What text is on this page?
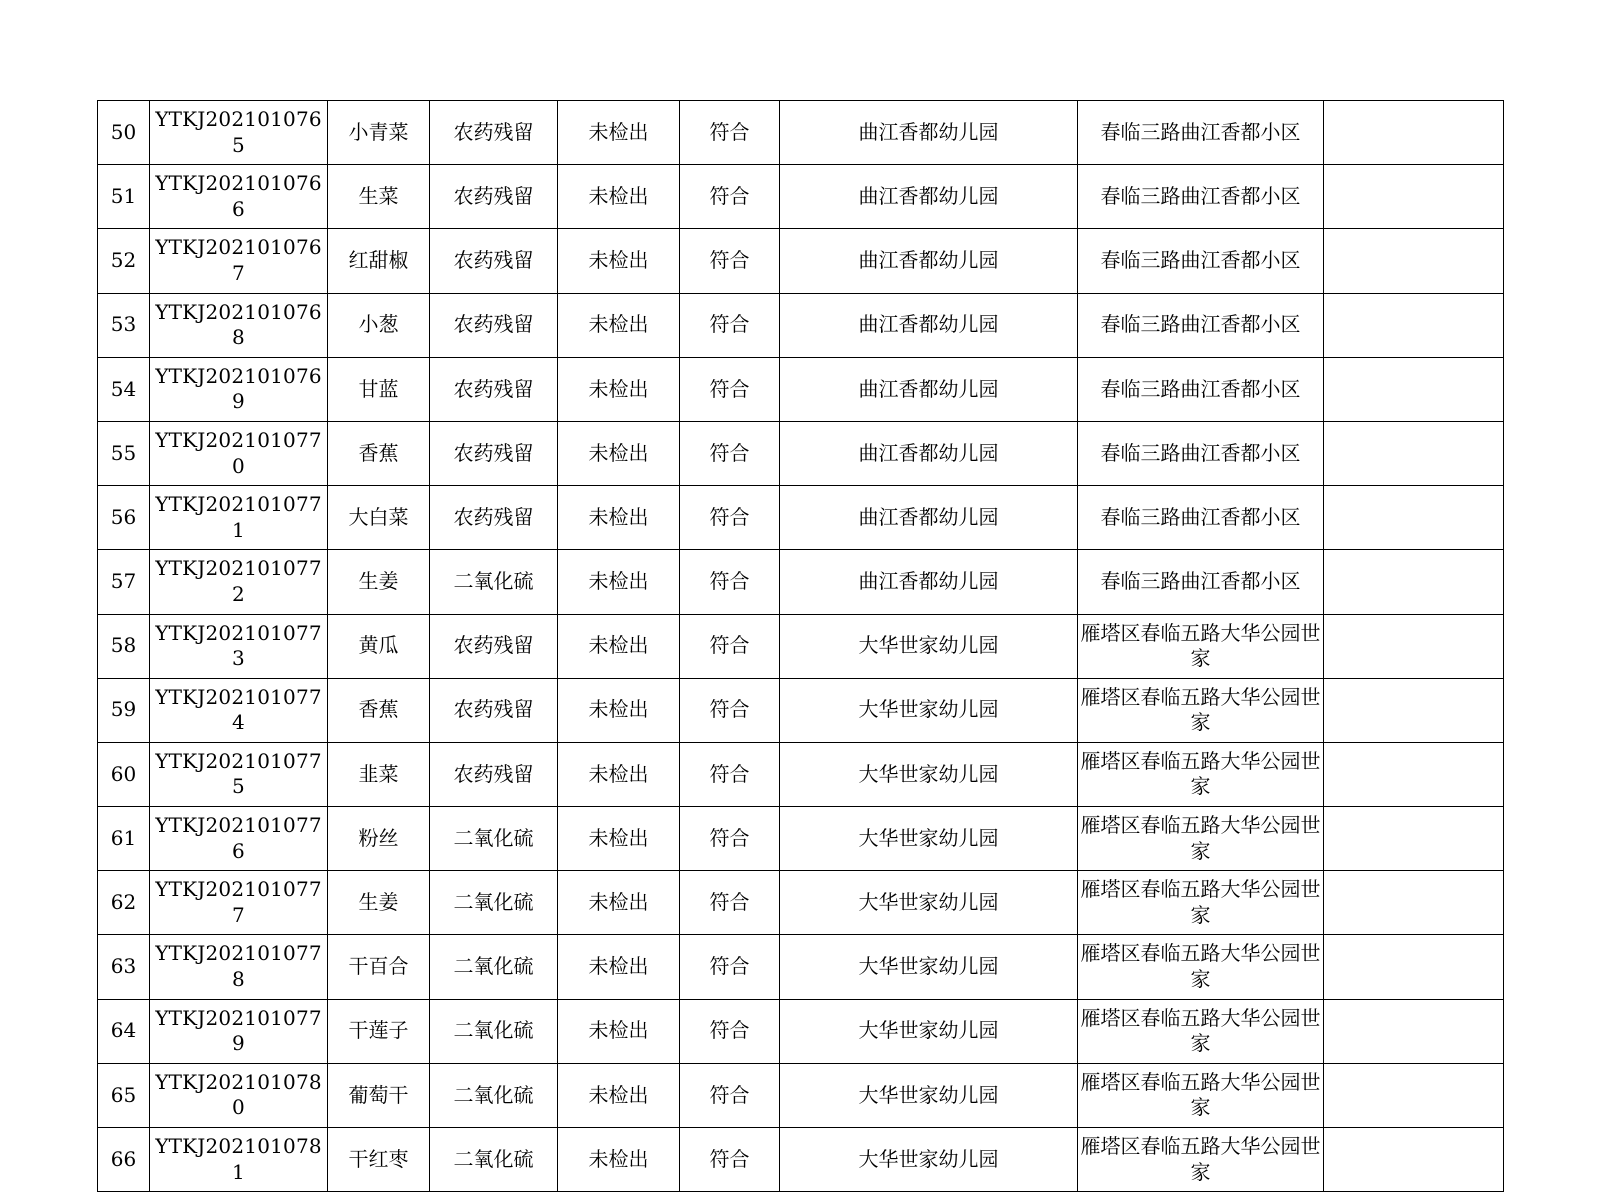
50	YTKJ2021010765	小青菜	农药残留	未检出	符合	曲江香都幼儿园	春临三路曲江香都小区	
51	YTKJ2021010766	生菜	农药残留	未检出	符合	曲江香都幼儿园	春临三路曲江香都小区	
52	YTKJ2021010767	红甜椒	农药残留	未检出	符合	曲江香都幼儿园	春临三路曲江香都小区	
53	YTKJ2021010768	小葱	农药残留	未检出	符合	曲江香都幼儿园	春临三路曲江香都小区	
54	YTKJ2021010769	甘蓝	农药残留	未检出	符合	曲江香都幼儿园	春临三路曲江香都小区	
55	YTKJ2021010770	香蕉	农药残留	未检出	符合	曲江香都幼儿园	春临三路曲江香都小区	
56	YTKJ2021010771	大白菜	农药残留	未检出	符合	曲江香都幼儿园	春临三路曲江香都小区	
57	YTKJ2021010772	生姜	二氧化硫	未检出	符合	曲江香都幼儿园	春临三路曲江香都小区	
58	YTKJ2021010773	黄瓜	农药残留	未检出	符合	大华世家幼儿园	雁塔区春临五路大华公园世家	
59	YTKJ2021010774	香蕉	农药残留	未检出	符合	大华世家幼儿园	雁塔区春临五路大华公园世家	
60	YTKJ2021010775	韭菜	农药残留	未检出	符合	大华世家幼儿园	雁塔区春临五路大华公园世家	
61	YTKJ2021010776	粉丝	二氧化硫	未检出	符合	大华世家幼儿园	雁塔区春临五路大华公园世家	
62	YTKJ2021010777	生姜	二氧化硫	未检出	符合	大华世家幼儿园	雁塔区春临五路大华公园世家	
63	YTKJ2021010778	干百合	二氧化硫	未检出	符合	大华世家幼儿园	雁塔区春临五路大华公园世家	
64	YTKJ2021010779	干莲子	二氧化硫	未检出	符合	大华世家幼儿园	雁塔区春临五路大华公园世家	
65	YTKJ2021010780	葡萄干	二氧化硫	未检出	符合	大华世家幼儿园	雁塔区春临五路大华公园世家	
66	YTKJ2021010781	干红枣	二氧化硫	未检出	符合	大华世家幼儿园	雁塔区春临五路大华公园世家	
